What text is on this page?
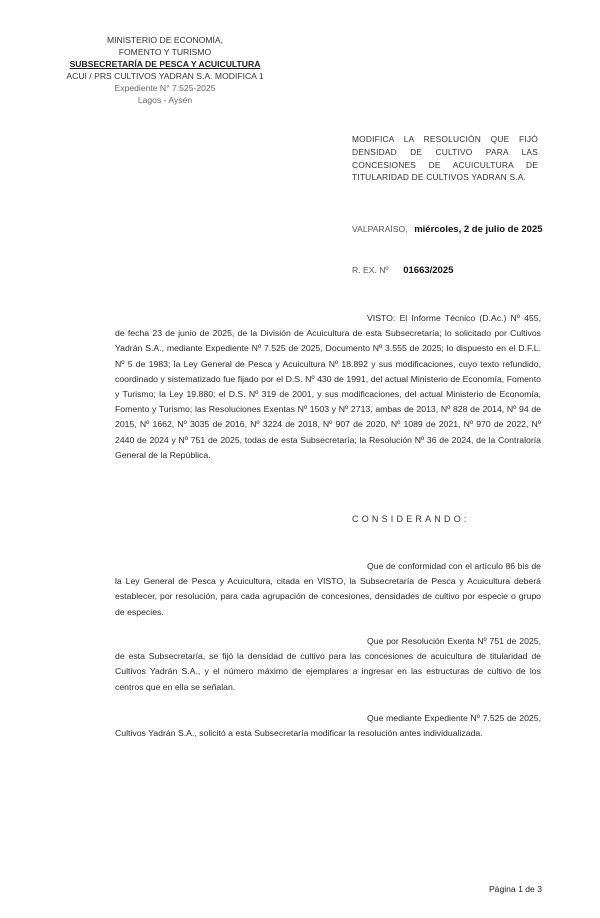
MINISTERIO DE ECONOMÍA,
FOMENTO Y TURISMO
SUBSECRETARÍA DE PESCA Y ACUICULTURA
ACUI / PRS CULTIVOS YADRAN S.A. MODIFICA 1
Expediente N° 7.525-2025
Lagos - Aysén
MODIFICA LA RESOLUCIÓN QUE FIJÓ DENSIDAD DE CULTIVO PARA LAS CONCESIONES DE ACUICULTURA DE TITULARIDAD DE CULTIVOS YADRAN S.A.
VALPARAÍSO, miércoles, 2 de julio de 2025
R. EX. Nº 01663/2025
VISTO: El Informe Técnico (D.Ac.) Nº 455, de fecha 23 de junio de 2025, de la División de Acuicultura de esta Subsecretaría; lo solicitado por Cultivos Yadrán S.A., mediante Expediente Nº 7.525 de 2025, Documento Nº 3.555 de 2025; lo dispuesto en el D.F.L. Nº 5 de 1983; la Ley General de Pesca y Acuicultura Nº 18.892 y sus modificaciones, cuyo texto refundido, coordinado y sistematizado fue fijado por el D.S. Nº 430 de 1991, del actual Ministerio de Economía, Fomento y Turismo; la Ley 19.880; el D.S. Nº 319 de 2001, y sus modificaciones, del actual Ministerio de Economía, Fomento y Turismo; las Resoluciones Exentas Nº 1503 y Nº 2713, ambas de 2013, Nº 828 de 2014, Nº 94 de 2015, Nº 1662, Nº 3035 de 2016, Nº 3224 de 2018, Nº 907 de 2020, Nº 1089 de 2021, Nº 970 de 2022, Nº 2440 de 2024 y Nº 751 de 2025, todas de esta Subsecretaría; la Resolución Nº 36 de 2024, de la Contraloría General de la República.
CONSIDERANDO:
Que de conformidad con el artículo 86 bis de la Ley General de Pesca y Acuicultura, citada en VISTO, la Subsecretaría de Pesca y Acuicultura deberá establecer, por resolución, para cada agrupación de concesiones, densidades de cultivo por especie o grupo de especies.
Que por Resolución Exenta Nº 751 de 2025, de esta Subsecretaría, se fijó la densidad de cultivo para las concesiones de acuicultura de titularidad de Cultivos Yadrán S.A., y el número máximo de ejemplares a ingresar en las estructuras de cultivo de los centros que en ella se señalan.
Que mediante Expediente Nº 7.525 de 2025, Cultivos Yadrán S.A., solicitó a esta Subsecretaría modificar la resolución antes individualizada.
Página 1 de 3
